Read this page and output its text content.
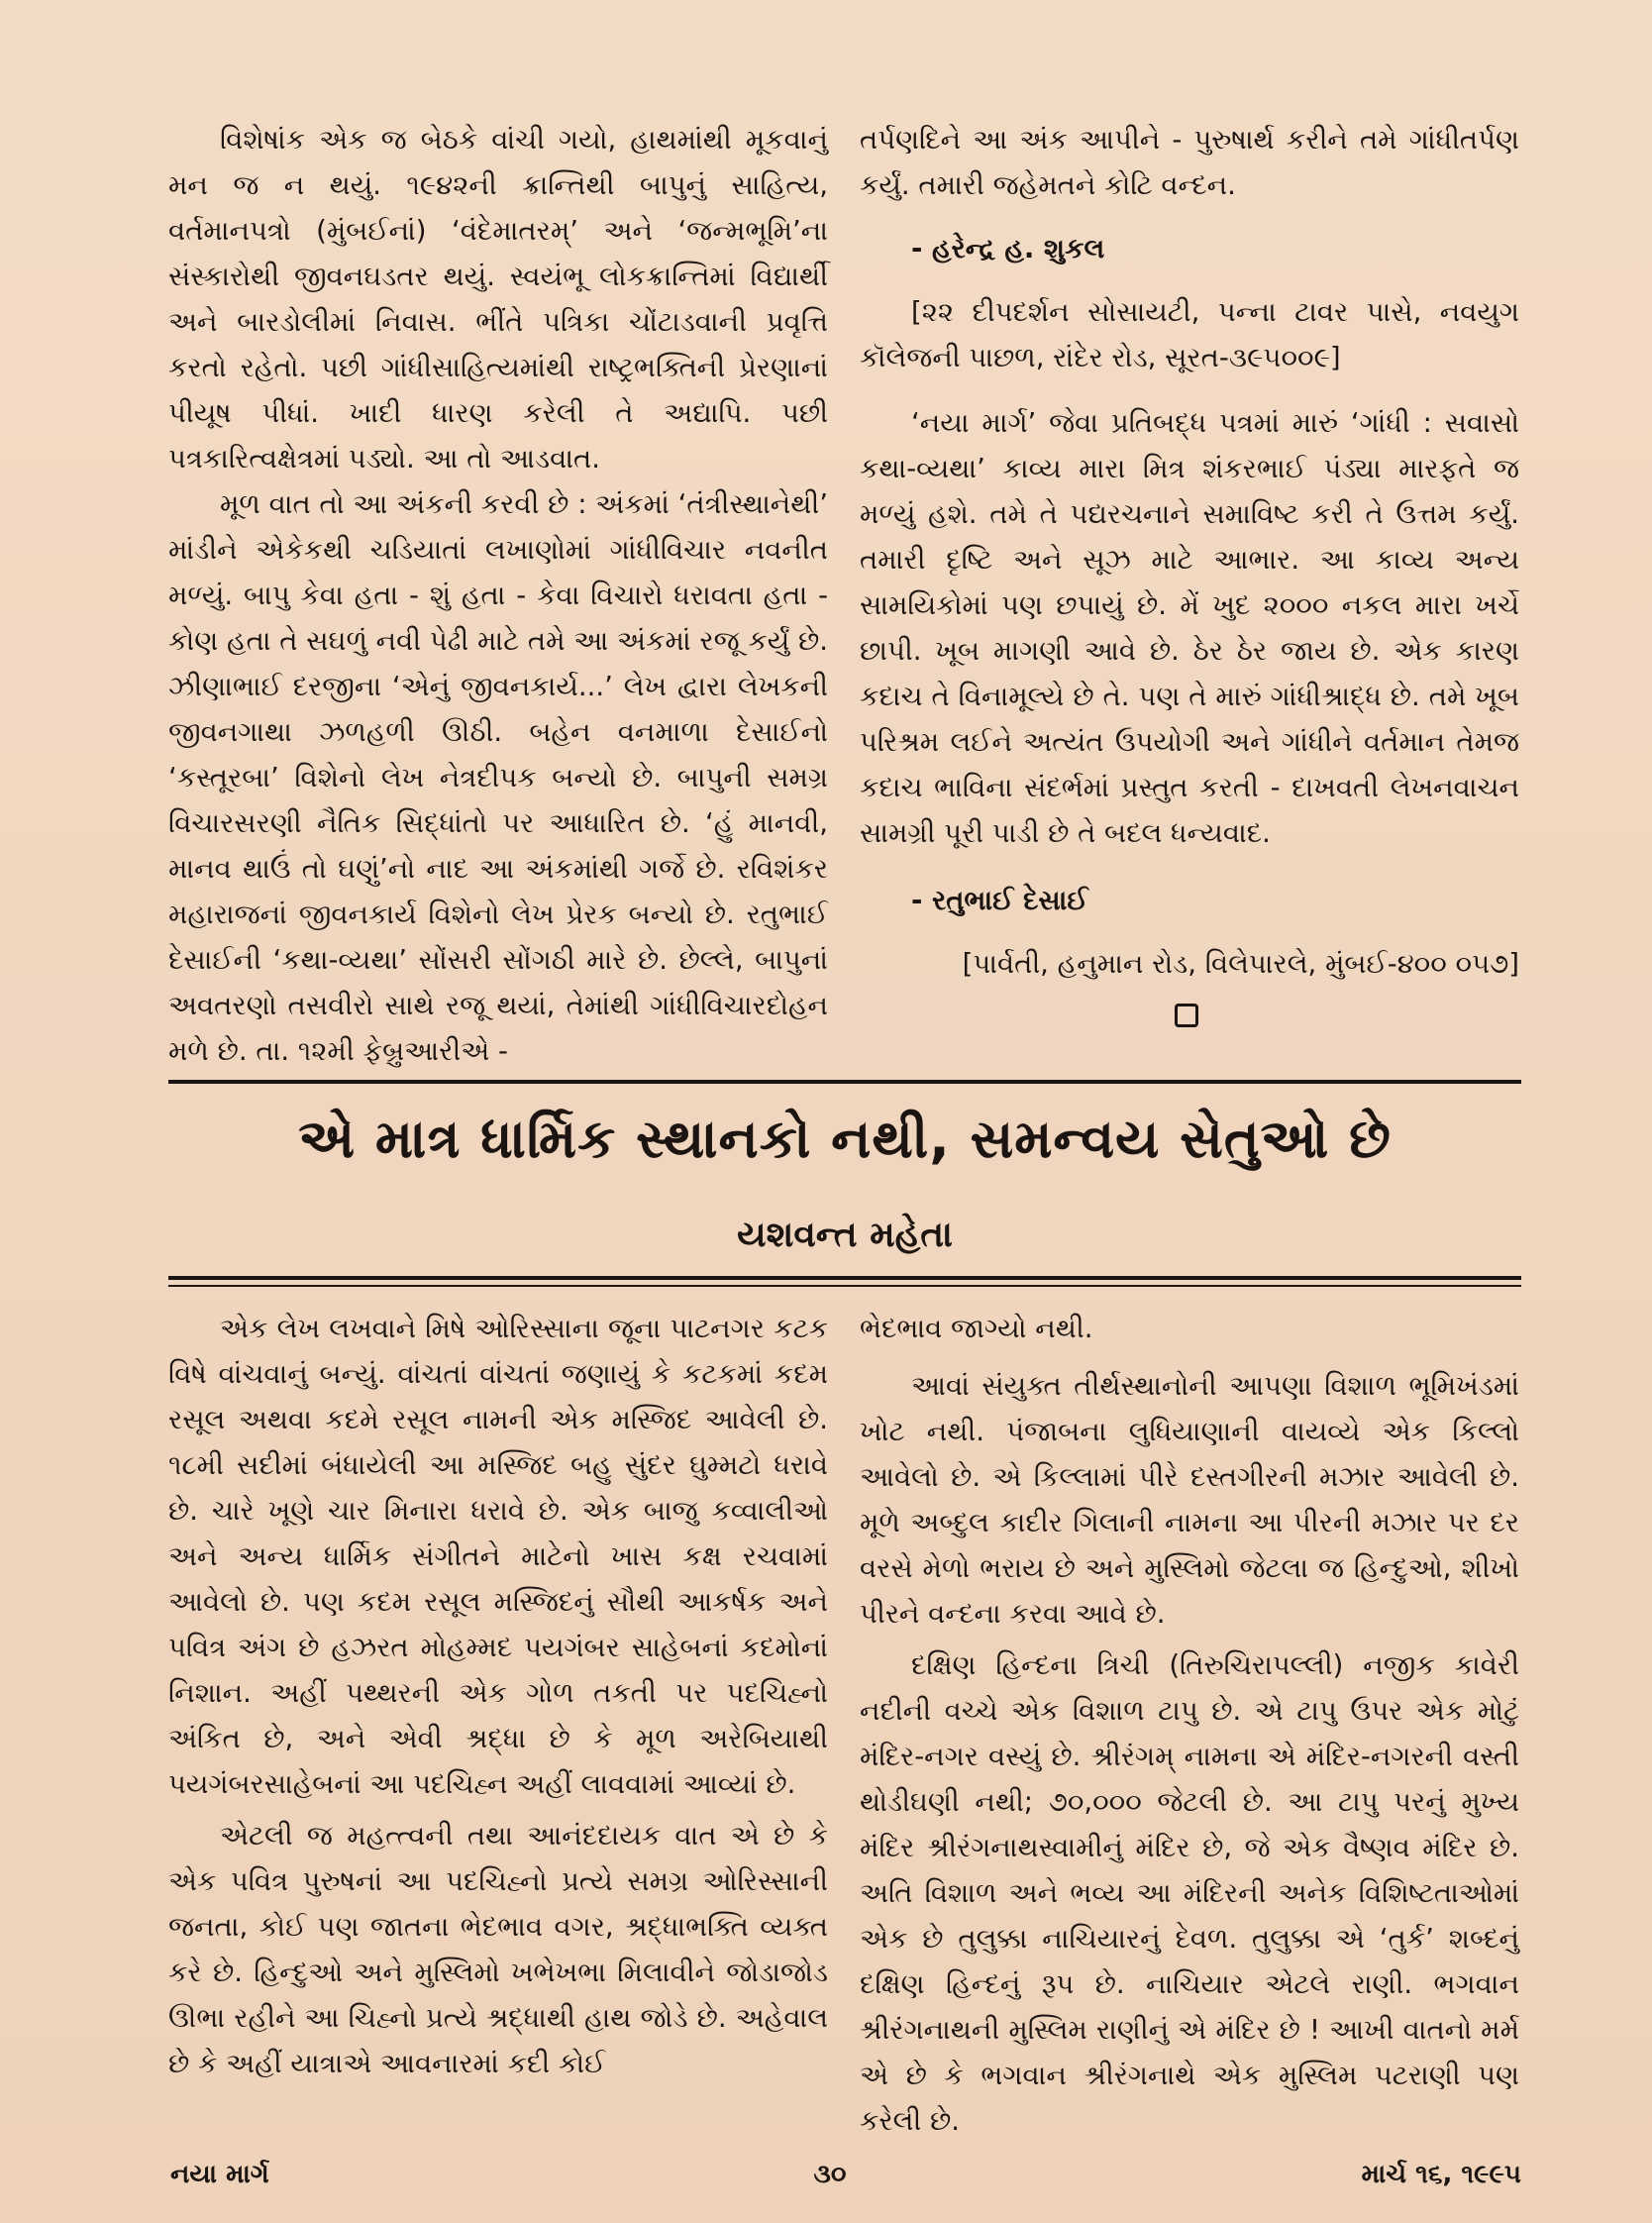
વિશેષાંક એક જ બેઠકે વાંચી ગયો, હાથમાંથી મૂકવાનું મન જ ન થયું. ૧૯૪૨ની ક્રાન્તિથી બાપુનું સાહિત્ય, વર્તમાનપત્રો (મુંબઈનાં) ‘વંદેમાતરમ્’ અને ‘જન્મભૂમિ’ના સંસ્કારોથી જીવનઘડતર થયું. સ્વયંભૂ લોકક્રાન્તિમાં વિદ્યાર્થી અને બારડોલીમાં નિવાસ. ભીંતે પત્રિકા ચોંટાડવાની પ્રવૃત્તિ કરતો રહેતો. પછી ગાંધીસાહિત્યમાંથી રાષ્ટ્રભક્તિની પ્રેરણાનાં પીયૂષ પીધાં. ખાદી ધારણ કરેલી તે અદ્યાપિ. પછી પત્રકારિત્વક્ષેત્રમાં પડ્યો. આ તો આડવાત.

મૂળ વાત તો આ અંકની કરવી છે : અંકમાં ‘તંત્રીસ્થાનેથી’ માંડીને એકેકથી ચડિયાતાં લખાણોમાં ગાંધીવિચાર નવનીત મળ્યું. બાપુ કેવા હતા - શું હતા - કેવા વિચારો ધરાવતા હતા - કોણ હતા તે સઘળું નવી પેઢી માટે તમે આ અંકમાં રજૂ કર્યું છે. ઝીણાભાઈ દરજીના ‘એનું જીવનકાર્ય...’ લેખ દ્વારા લેખકની જીવનગાથા ઝળહળી ઊઠી. બહેન વનમાળા દેસાઈનો ‘કસ્તૂરબા’ વિશેનો લેખ નેત્રદીપક બન્યો છે. બાપુની સમગ્ર વિચારસરણી નૈતિક સિદ્ધાંતો પર આધારિત છે. ‘હું માનવી, માનવ થાઉં તો ઘણું’નો નાદ આ અંકમાંથી ગર્જે છે. રવિશંકર મહારાજનાં જીવનકાર્ય વિશેનો લેખ પ્રેરક બન્યો છે. રતુભાઈ દેસાઈની ‘કથા-વ્યથા’ સોંસરી સોંગઠી મારે છે. છેલ્લે, બાપુનાં અવતરણો તસવીરો સાથે રજૂ થયાં, તેમાંથી ગાંધીવિચારદોહન મળે છે. તા. ૧૨મી ફેબ્રુઆરીએ -

તર્પણદિને આ અંક આપીને - પુરુષાર્થ કરીને તમે ગાંધીતર્પણ કર્યું. તમારી જહેમતને કોટિ વન્દન.

- હરેન્દ્ર હ. શુકલ

[૨૨ દીપદર્શન સોસાયટી, પન્ના ટાવર પાસે, નવયુગ કૉલેજની પાછળ, રાંદેર રોડ, સૂરત-૩૯૫૦૦૯]

‘નયા માર્ગ’ જેવા પ્રતિબદ્ધ પત્રમાં મારું ‘ગાંધી : સવાસો કથા-વ્યથા’ કાવ્ય મારા મિત્ર શંકરભાઈ પંડ્યા મારફતે જ મળ્યું હશે. તમે તે પદ્યરચનાને સમાવિષ્ટ કરી તે ઉત્તમ કર્યું. તમારી દૃષ્ટિ અને સૂઝ માટે આભાર. આ કાવ્ય અન્ય સામયિકોમાં પણ છપાયું છે. મેં ખુદ ૨૦૦૦ નકલ મારા ખર્ચે છાપી. ખૂબ માગણી આવે છે. ઠેર ઠેર જાય છે. એક કારણ કદાચ તે વિનામૂલ્યે છે તે. પણ તે મારું ગાંધીશ્રાદ્ધ છે. તમે ખૂબ પરિશ્રમ લઈને અત્યંત ઉપયોગી અને ગાંધીને વર્તમાન તેમજ કદાચ ભાવિના સંદર્ભમાં પ્રસ્તુત કરતી - દાખવતી લેખનવાચન સામગ્રી પૂરી પાડી છે તે બદલ ધન્યવાદ.

- રતુભાઈ દેસાઈ

[પાર્વતી, હનુમાન રોડ, વિલેપારલે, મુંબઈ-૪૦૦ ૦૫૭]

એ માત્ર ધાર્મિક સ્થાનકો નથી, સમન્વય સેતુઓ છે
યશવન્ત મહેતા

એક લેખ લખવાને મિષે ઓરિસ્સાના જૂના પાટનગર કટક વિષે વાંચવાનું બન્યું. વાંચતાં વાંચતાં જણાયું કે કટકમાં કદમ રસૂલ અથવા કદમે રસૂલ નામની એક મસ્જિદ આવેલી છે. ૧૮મી સદીમાં બંધાયેલી આ મસ્જિદ બહુ સુંદર ઘુમ્મટો ધરાવે છે. ચારે ખૂણે ચાર મિનારા ધરાવે છે. એક બાજુ કવ્વાલીઓ અને અન્ય ધાર્મિક સંગીતને માટેનો ખાસ કક્ષ રચવામાં આવેલો છે. પણ કદમ રસૂલ મસ્જિદનું સૌથી આકર્ષક અને પવિત્ર અંગ છે હઝરત મોહમ્મદ પયગંબર સાહેબનાં કદમોનાં નિશાન. અહીં પથ્થરની એક ગોળ તકતી પર પદચિહ્નો અંકિત છે, અને એવી શ્રદ્ધા છે કે મૂળ અરેબિયાથી પયગંબરસાહેબનાં આ પદચિહ્ન અહીં લાવવામાં આવ્યાં છે.

એટલી જ મહત્ત્વની તથા આનંદદાયક વાત એ છે કે એક પવિત્ર પુરુષનાં આ પદચિહ્નો પ્રત્યે સમગ્ર ઓરિસ્સાની જનતા, કોઈ પણ જાતના ભેદભાવ વગર, શ્રદ્ધાભક્તિ વ્યક્ત કરે છે. હિન્દુઓ અને મુસ્લિમો ખભેખભા મિલાવીને જોડાજોડ ઊભા રહીને આ ચિહ્નો પ્રત્યે શ્રદ્ધાથી હાથ જોડે છે. અહેવાલ છે કે અહીં યાત્રાએ આવનારમાં કદી કોઈ

ભેદભાવ જાગ્યો નથી.

આવાં સંયુક્ત તીર્થસ્થાનોની આપણા વિશાળ ભૂમિખંડમાં ખોટ નથી. પંજાબના લુધિયાણાની વાયવ્યે એક કિલ્લો આવેલો છે. એ કિલ્લામાં પીરે દસ્તગીરની મઝાર આવેલી છે. મૂળે અબ્દુલ કાદીર ગિલાની નામના આ પીરની મઝાર પર દર વરસે મેળો ભરાય છે અને મુસ્લિમો જેટલા જ હિન્દુઓ, શીખો પીરને વન્દના કરવા આવે છે.

દક્ષિણ હિન્દના ત્રિચી (તિરુચિરાપલ્લી) નજીક કાવેરી નદીની વચ્ચે એક વિશાળ ટાપુ છે. એ ટાપુ ઉપર એક મોટું મંદિર-નગર વસ્યું છે. શ્રીરંગમ્ નામના એ મંદિર-નગરની વસ્તી થોડીઘણી નથી; ૭૦,૦૦૦ જેટલી છે. આ ટાપુ પરનું મુખ્ય મંદિર શ્રીરંગનાથસ્વામીનું મંદિર છે, જે એક વૈષ્ણવ મંદિર છે. અતિ વિશાળ અને ભવ્ય આ મંદિરની અનેક વિશિષ્ટતાઓમાં એક છે તુલુક્કા નાચિયારનું દેવળ. તુલુક્કા એ ‘તુર્ક’ શબ્દનું દક્ષિણ હિન્દનું રૂપ છે. નાચિયાર એટલે રાણી. ભગવાન શ્રીરંગનાથની મુસ્લિમ રાણીનું એ મંદિર છે ! આખી વાતનો મર્મ એ છે કે ભગવાન શ્રીરંગનાથે એક મુસ્લિમ પટરાણી પણ કરેલી છે.

નયા માર્ગ	૩૦	માર્ચ ૧૬, ૧૯૯૫
